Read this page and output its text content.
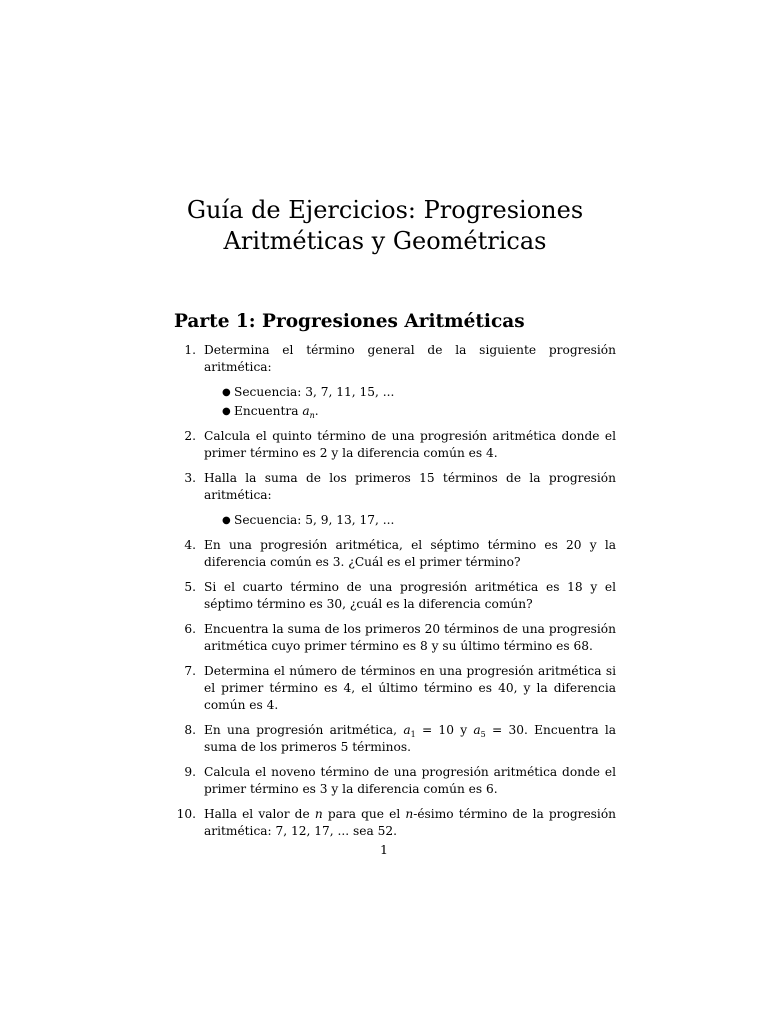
Guía de Ejercicios: Progresiones Aritméticas y Geométricas
Parte 1: Progresiones Aritméticas
1. Determina el término general de la siguiente progresión aritmética:
● Secuencia: 3, 7, 11, 15, ...
● Encuentra $a_n$.
2. Calcula el quinto término de una progresión aritmética donde el primer término es 2 y la diferencia común es 4.
3. Halla la suma de los primeros 15 términos de la progresión aritmética:
● Secuencia: 5, 9, 13, 17, ...
4. En una progresión aritmética, el séptimo término es 20 y la diferencia común es 3. ¿Cuál es el primer término?
5. Si el cuarto término de una progresión aritmética es 18 y el séptimo término es 30, ¿cuál es la diferencia común?
6. Encuentra la suma de los primeros 20 términos de una progresión aritmética cuyo primer término es 8 y su último término es 68.
7. Determina el número de términos en una progresión aritmética si el primer término es 4, el último término es 40, y la diferencia común es 4.
8. En una progresión aritmética, $a_1 = 10$ y $a_5 = 30$. Encuentra la suma de los primeros 5 términos.
9. Calcula el noveno término de una progresión aritmética donde el primer término es 3 y la diferencia común es 6.
10. Halla el valor de n para que el n-ésimo término de la progresión aritmética: 7, 12, 17, ... sea 52.
1
